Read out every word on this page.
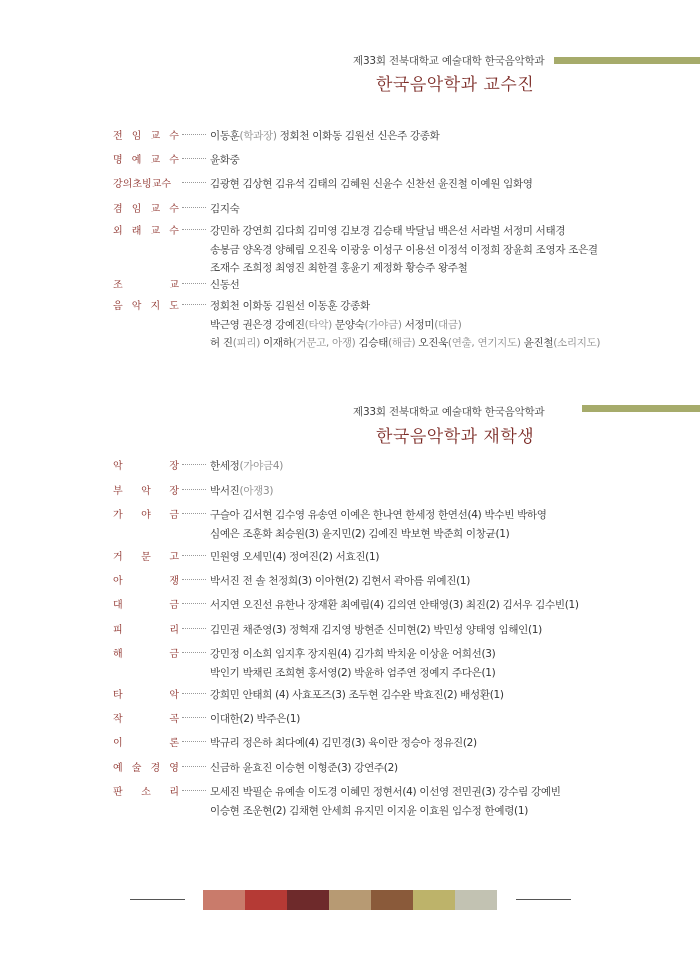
제33회 전북대학교 예술대학 한국음악학과
한국음악학과 교수진
전 임 교 수	이동훈(학과장) 정회천 이화동 김원선 신은주 강종화
명 예 교 수	윤화중
강 의 초 빙 교 수	김광현 김상현 김유석 김태의 김혜원 신윤수 신찬선 윤진철 이예원 임화영
겸 임 교 수	김지숙
외 래 교 수	강민하 강연희 김다희 김미영 김보경 김승태 박달님 백은선 서라벌 서정미 서태경
송봉금 양옥경 양혜림 오진욱 이광웅 이성구 이용선 이정석 이정희 장윤희 조영자 조은결
조재수 조희정 최영진 최한결 홍윤기 제정화 황승주 왕주철
조	교	신동선
음 악 지 도	정회천 이화동 김원선 이동훈 강종화
박근영 권은경 강예진(타악) 문양숙(가야금) 서정미(대금)
허 진(피리) 이재하(거문고, 아쟁) 김승태(해금) 오진욱(연출, 연기지도) 윤진철(소리지도)
제33회 전북대학교 예술대학 한국음악학과
한국음악학과 재학생
악	장	한세정(가야금4)
부 악 장	박서진(아쟁3)
가 야 금	구슬아 김서현 김수영 유송연 이예은 한나연 한세정 한연선(4) 박수빈 박하영
심예은 조훈화 최승원(3) 윤지민(2) 김예진 박보현 박준희 이창균(1)
거 문 고	민원영 오세민(4) 정여진(2) 서효진(1)
아	쟁	박서진 전 솔 천정희(3) 이아현(2) 김현서 곽아름 위예진(1)
대	금	서지연 오진선 유한나 장재환 최예림(4) 김의연 안태영(3) 최진(2) 김서우 김수빈(1)
피	리	김민권 채준영(3) 정혁재 김지영 방현준 신미현(2) 박민성 양태영 임해인(1)
해	금	강민정 이소희 임지후 장지원(4) 김가희 박치윤 이상윤 어희선(3)
박인기 박채린 조희현 홍서영(2) 박윤하 엄주연 정예지 주다은(1)
타	악	강희민 안태희 (4) 사효포즈(3) 조두현 김수완 박효진(2) 배성환(1)
작	곡	이대한(2) 박주은(1)
이	론	박규리 정은하 최다예(4) 김민경(3) 육이란 정승아 정유진(2)
예 술 경 영	신금하 윤효진 이승현 이형준(3) 강연주(2)
판 소 리	모세진 박필순 유예솔 이도경 이혜민 정현서(4) 이선영 전민권(3) 강수림 강예빈
이승현 조운현(2) 김채현 안세희 유지민 이지윤 이효원 임수정 한예령(1)
